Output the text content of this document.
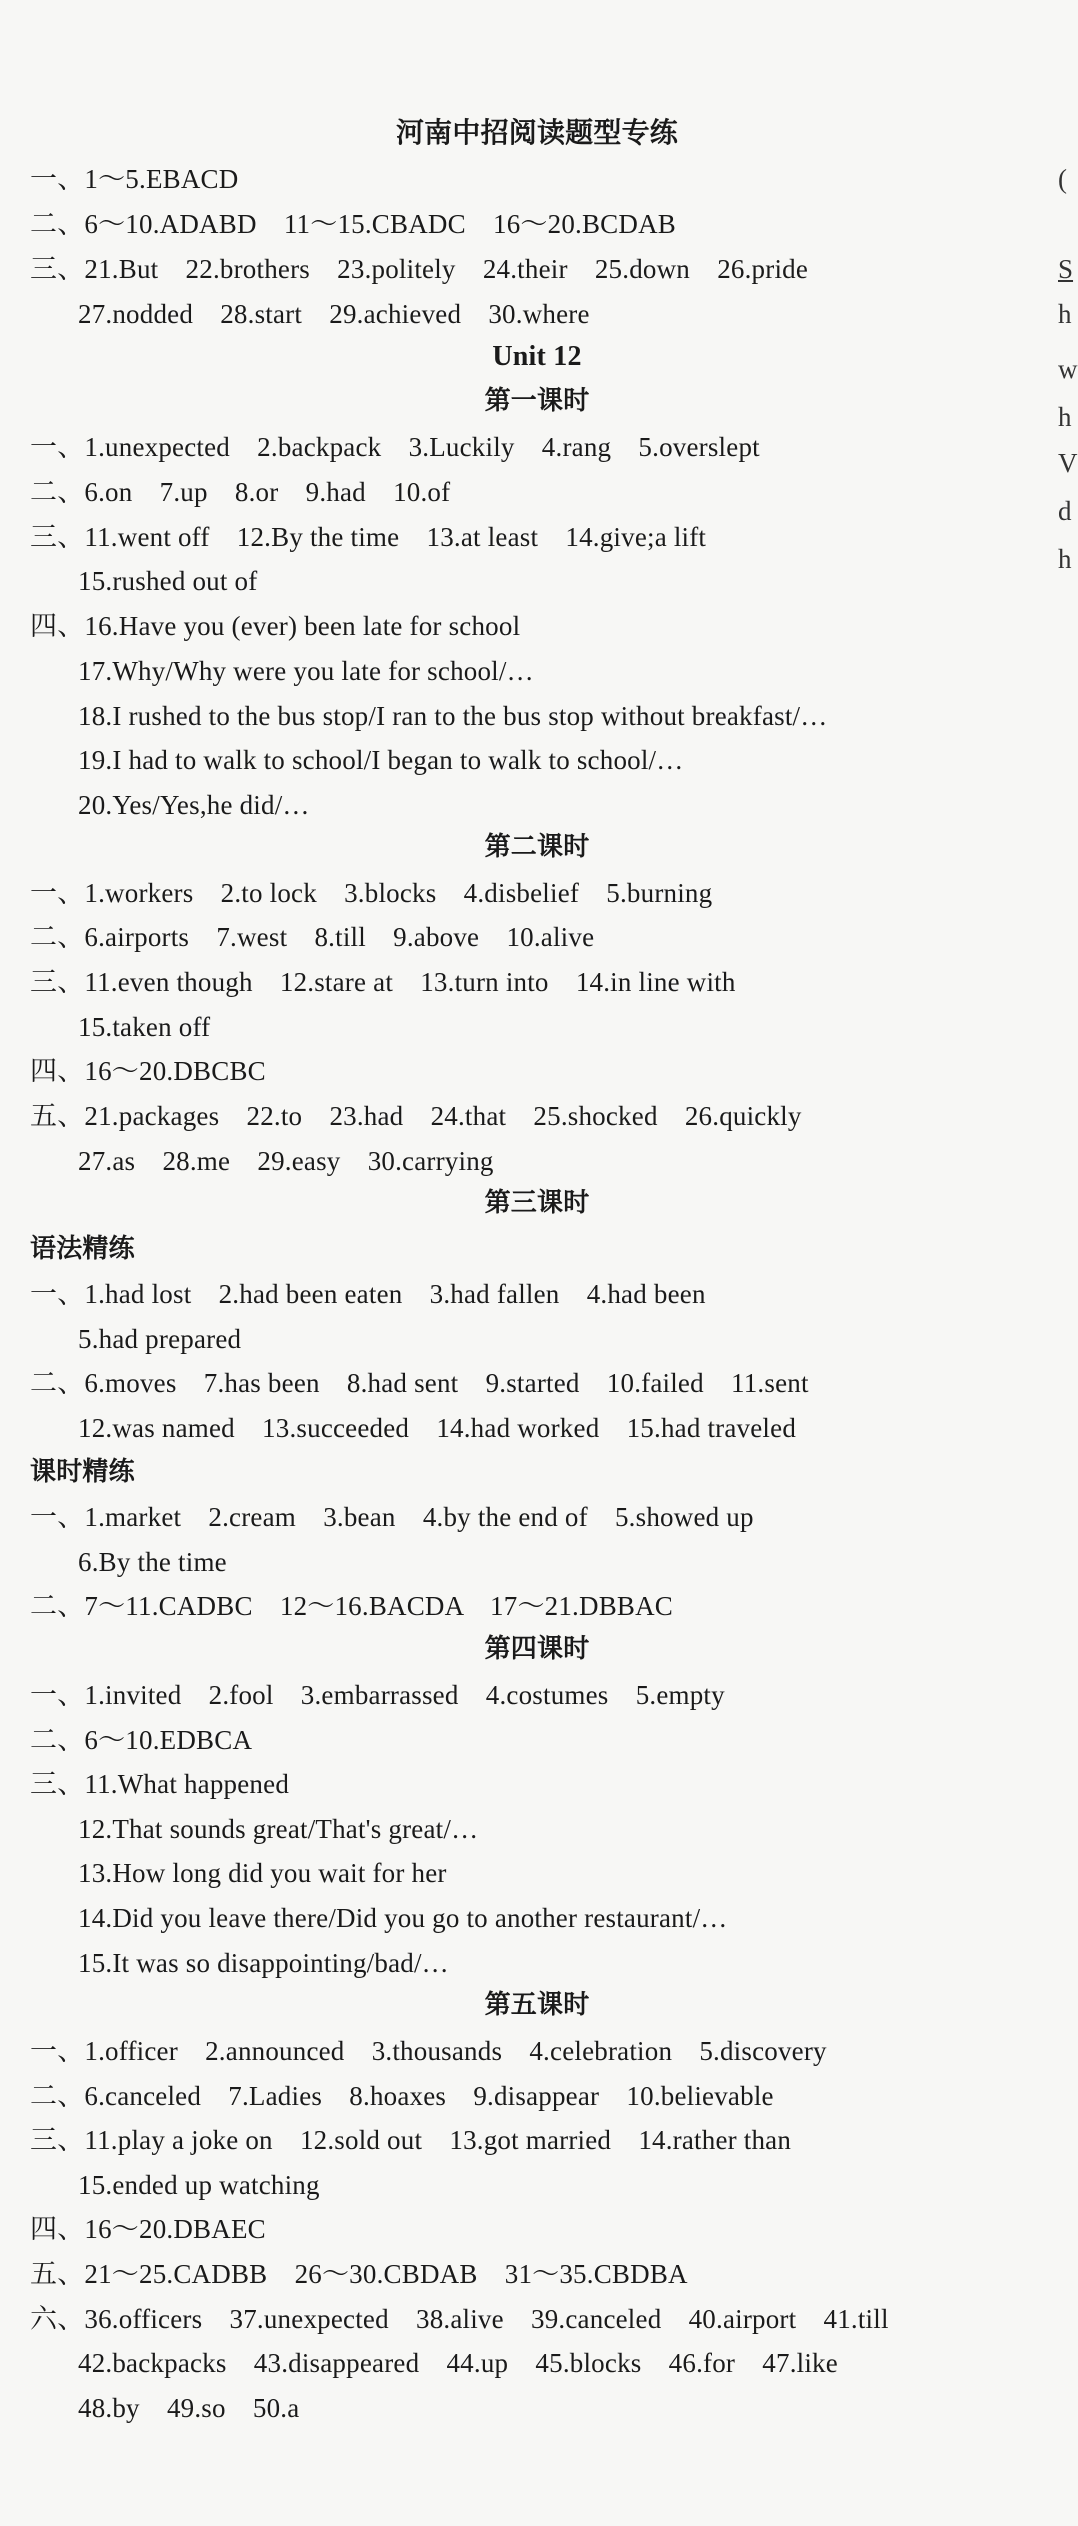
河南中招阅读题型专练
一、1～5.EBACD
二、6～10.ADABD　11～15.CBADC　16～20.BCDAB
三、21.But　22.brothers　23.politely　24.their　25.down　26.pride
27.nodded　28.start　29.achieved　30.where
Unit 12
第一课时
一、1.unexpected　2.backpack　3.Luckily　4.rang　5.overslept
二、6.on　7.up　8.or　9.had　10.of
三、11.went off　12.By the time　13.at least　14.give;a lift
15.rushed out of
四、16.Have you (ever) been late for school
17.Why/Why were you late for school/…
18.I rushed to the bus stop/I ran to the bus stop without breakfast/…
19.I had to walk to school/I began to walk to school/…
20.Yes/Yes,he did/…
第二课时
一、1.workers　2.to lock　3.blocks　4.disbelief　5.burning
二、6.airports　7.west　8.till　9.above　10.alive
三、11.even though　12.stare at　13.turn into　14.in line with
15.taken off
四、16～20.DBCBC
五、21.packages　22.to　23.had　24.that　25.shocked　26.quickly
27.as　28.me　29.easy　30.carrying
第三课时
语法精练
一、1.had lost　2.had been eaten　3.had fallen　4.had been
5.had prepared
二、6.moves　7.has been　8.had sent　9.started　10.failed　11.sent
12.was named　13.succeeded　14.had worked　15.had traveled
课时精练
一、1.market　2.cream　3.bean　4.by the end of　5.showed up
6.By the time
二、7～11.CADBC　12～16.BACDA　17～21.DBBAC
第四课时
一、1.invited　2.fool　3.embarrassed　4.costumes　5.empty
二、6～10.EDBCA
三、11.What happened
12.That sounds great/That's great/…
13.How long did you wait for her
14.Did you leave there/Did you go to another restaurant/…
15.It was so disappointing/bad/…
第五课时
一、1.officer　2.announced　3.thousands　4.celebration　5.discovery
二、6.canceled　7.Ladies　8.hoaxes　9.disappear　10.believable
三、11.play a joke on　12.sold out　13.got married　14.rather than
15.ended up watching
四、16～20.DBAEC
五、21～25.CADBB　26～30.CBDAB　31～35.CBDBA
六、36.officers　37.unexpected　38.alive　39.canceled　40.airport　41.till
42.backpacks　43.disappeared　44.up　45.blocks　46.for　47.like
48.by　49.so　50.a
(
S
h
w
h
V
d
h
